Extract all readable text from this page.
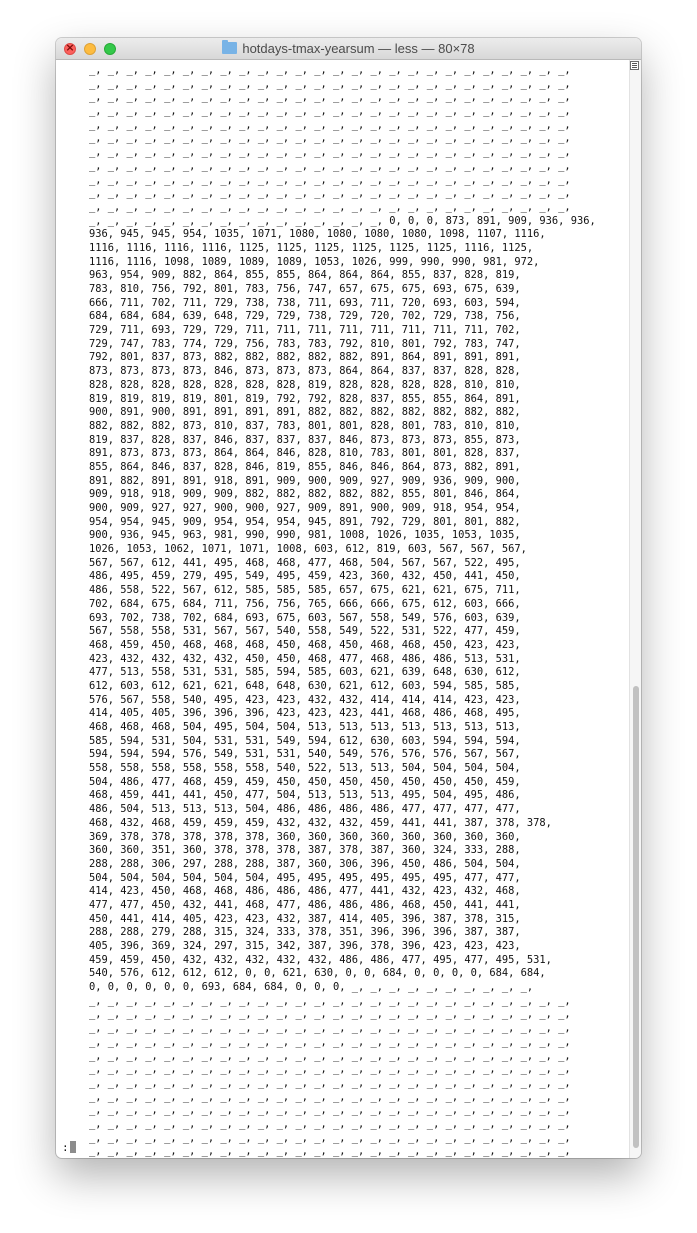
×
hotdays-tmax-yearsum — less — 80×78
_, _, _, _, _, _, _, _, _, _, _, _, _, _, _, _, _, _, _, _, _, _, _, _, _, _,
_, _, _, _, _, _, _, _, _, _, _, _, _, _, _, _, _, _, _, _, _, _, _, _, _, _,
_, _, _, _, _, _, _, _, _, _, _, _, _, _, _, _, _, _, _, _, _, _, _, _, _, _,
_, _, _, _, _, _, _, _, _, _, _, _, _, _, _, _, _, _, _, _, _, _, _, _, _, _,
_, _, _, _, _, _, _, _, _, _, _, _, _, _, _, _, _, _, _, _, _, _, _, _, _, _,
_, _, _, _, _, _, _, _, _, _, _, _, _, _, _, _, _, _, _, _, _, _, _, _, _, _,
_, _, _, _, _, _, _, _, _, _, _, _, _, _, _, _, _, _, _, _, _, _, _, _, _, _,
_, _, _, _, _, _, _, _, _, _, _, _, _, _, _, _, _, _, _, _, _, _, _, _, _, _,
_, _, _, _, _, _, _, _, _, _, _, _, _, _, _, _, _, _, _, _, _, _, _, _, _, _,
_, _, _, _, _, _, _, _, _, _, _, _, _, _, _, _, _, _, _, _, _, _, _, _, _, _,
_, _, _, _, _, _, _, _, _, _, _, _, _, _, _, _, _, _, _, _, _, _, _, _, _, _,
_, _, _, _, _, _, _, _, _, _, _, _, _, _, _, _, 0, 0, 0, 873, 891, 909, 936, 936,
936, 945, 945, 954, 1035, 1071, 1080, 1080, 1080, 1080, 1098, 1107, 1116,
1116, 1116, 1116, 1116, 1125, 1125, 1125, 1125, 1125, 1125, 1116, 1125,
1116, 1116, 1098, 1089, 1089, 1089, 1053, 1026, 999, 990, 990, 981, 972,
963, 954, 909, 882, 864, 855, 855, 864, 864, 864, 855, 837, 828, 819,
783, 810, 756, 792, 801, 783, 756, 747, 657, 675, 675, 693, 675, 639,
666, 711, 702, 711, 729, 738, 738, 711, 693, 711, 720, 693, 603, 594,
684, 684, 684, 639, 648, 729, 729, 738, 729, 720, 702, 729, 738, 756,
729, 711, 693, 729, 729, 711, 711, 711, 711, 711, 711, 711, 711, 702,
729, 747, 783, 774, 729, 756, 783, 783, 792, 810, 801, 792, 783, 747,
792, 801, 837, 873, 882, 882, 882, 882, 882, 891, 864, 891, 891, 891,
873, 873, 873, 873, 846, 873, 873, 873, 864, 864, 837, 837, 828, 828,
828, 828, 828, 828, 828, 828, 828, 819, 828, 828, 828, 828, 810, 810,
819, 819, 819, 819, 801, 819, 792, 792, 828, 837, 855, 855, 864, 891,
900, 891, 900, 891, 891, 891, 891, 882, 882, 882, 882, 882, 882, 882,
882, 882, 882, 873, 810, 837, 783, 801, 801, 828, 801, 783, 810, 810,
819, 837, 828, 837, 846, 837, 837, 837, 846, 873, 873, 873, 855, 873,
891, 873, 873, 873, 864, 864, 846, 828, 810, 783, 801, 801, 828, 837,
855, 864, 846, 837, 828, 846, 819, 855, 846, 846, 864, 873, 882, 891,
891, 882, 891, 891, 918, 891, 909, 900, 909, 927, 909, 936, 909, 900,
909, 918, 918, 909, 909, 882, 882, 882, 882, 882, 855, 801, 846, 864,
900, 909, 927, 927, 900, 900, 927, 909, 891, 900, 909, 918, 954, 954,
954, 954, 945, 909, 954, 954, 954, 945, 891, 792, 729, 801, 801, 882,
900, 936, 945, 963, 981, 990, 990, 981, 1008, 1026, 1035, 1053, 1035,
1026, 1053, 1062, 1071, 1071, 1008, 603, 612, 819, 603, 567, 567, 567,
567, 567, 612, 441, 495, 468, 468, 477, 468, 504, 567, 567, 522, 495,
486, 495, 459, 279, 495, 549, 495, 459, 423, 360, 432, 450, 441, 450,
486, 558, 522, 567, 612, 585, 585, 585, 657, 675, 621, 621, 675, 711,
702, 684, 675, 684, 711, 756, 756, 765, 666, 666, 675, 612, 603, 666,
693, 702, 738, 702, 684, 693, 675, 603, 567, 558, 549, 576, 603, 639,
567, 558, 558, 531, 567, 567, 540, 558, 549, 522, 531, 522, 477, 459,
468, 459, 450, 468, 468, 468, 450, 468, 450, 468, 468, 450, 423, 423,
423, 432, 432, 432, 432, 450, 450, 468, 477, 468, 486, 486, 513, 531,
477, 513, 558, 531, 531, 585, 594, 585, 603, 621, 639, 648, 630, 612,
612, 603, 612, 621, 621, 648, 648, 630, 621, 612, 603, 594, 585, 585,
576, 567, 558, 540, 495, 423, 423, 432, 432, 414, 414, 414, 423, 423,
414, 405, 405, 396, 396, 396, 423, 423, 423, 441, 468, 486, 468, 495,
468, 468, 468, 504, 495, 504, 504, 513, 513, 513, 513, 513, 513, 513,
585, 594, 531, 504, 531, 531, 549, 594, 612, 630, 603, 594, 594, 594,
594, 594, 594, 576, 549, 531, 531, 540, 549, 576, 576, 576, 567, 567,
558, 558, 558, 558, 558, 558, 540, 522, 513, 513, 504, 504, 504, 504,
504, 486, 477, 468, 459, 459, 450, 450, 450, 450, 450, 450, 450, 459,
468, 459, 441, 441, 450, 477, 504, 513, 513, 513, 495, 504, 495, 486,
486, 504, 513, 513, 513, 504, 486, 486, 486, 486, 477, 477, 477, 477,
468, 432, 468, 459, 459, 459, 432, 432, 432, 459, 441, 441, 387, 378, 378,
369, 378, 378, 378, 378, 378, 360, 360, 360, 360, 360, 360, 360, 360,
360, 360, 351, 360, 378, 378, 378, 387, 378, 387, 360, 324, 333, 288,
288, 288, 306, 297, 288, 288, 387, 360, 306, 396, 450, 486, 504, 504,
504, 504, 504, 504, 504, 504, 495, 495, 495, 495, 495, 495, 477, 477,
414, 423, 450, 468, 468, 486, 486, 486, 477, 441, 432, 423, 432, 468,
477, 477, 450, 432, 441, 468, 477, 486, 486, 486, 468, 450, 441, 441,
450, 441, 414, 405, 423, 423, 432, 387, 414, 405, 396, 387, 378, 315,
288, 288, 279, 288, 315, 324, 333, 378, 351, 396, 396, 396, 387, 387,
405, 396, 369, 324, 297, 315, 342, 387, 396, 378, 396, 423, 423, 423,
459, 459, 450, 432, 432, 432, 432, 432, 486, 486, 477, 495, 477, 495, 531,
540, 576, 612, 612, 612, 0, 0, 621, 630, 0, 0, 684, 0, 0, 0, 0, 684, 684,
0, 0, 0, 0, 0, 0, 693, 684, 684, 0, 0, 0, _, _, _, _, _, _, _, _, _, _,
_, _, _, _, _, _, _, _, _, _, _, _, _, _, _, _, _, _, _, _, _, _, _, _, _, _,
_, _, _, _, _, _, _, _, _, _, _, _, _, _, _, _, _, _, _, _, _, _, _, _, _, _,
_, _, _, _, _, _, _, _, _, _, _, _, _, _, _, _, _, _, _, _, _, _, _, _, _, _,
_, _, _, _, _, _, _, _, _, _, _, _, _, _, _, _, _, _, _, _, _, _, _, _, _, _,
_, _, _, _, _, _, _, _, _, _, _, _, _, _, _, _, _, _, _, _, _, _, _, _, _, _,
_, _, _, _, _, _, _, _, _, _, _, _, _, _, _, _, _, _, _, _, _, _, _, _, _, _,
_, _, _, _, _, _, _, _, _, _, _, _, _, _, _, _, _, _, _, _, _, _, _, _, _, _,
_, _, _, _, _, _, _, _, _, _, _, _, _, _, _, _, _, _, _, _, _, _, _, _, _, _,
_, _, _, _, _, _, _, _, _, _, _, _, _, _, _, _, _, _, _, _, _, _, _, _, _, _,
_, _, _, _, _, _, _, _, _, _, _, _, _, _, _, _, _, _, _, _, _, _, _, _, _, _,
_, _, _, _, _, _, _, _, _, _, _, _, _, _, _, _, _, _, _, _, _, _, _, _, _, _,
_, _, _, _, _, _, _, _, _, _, _, _, _, _, _, _, _, _, _, _, _, _, _, _, _, _,
:
